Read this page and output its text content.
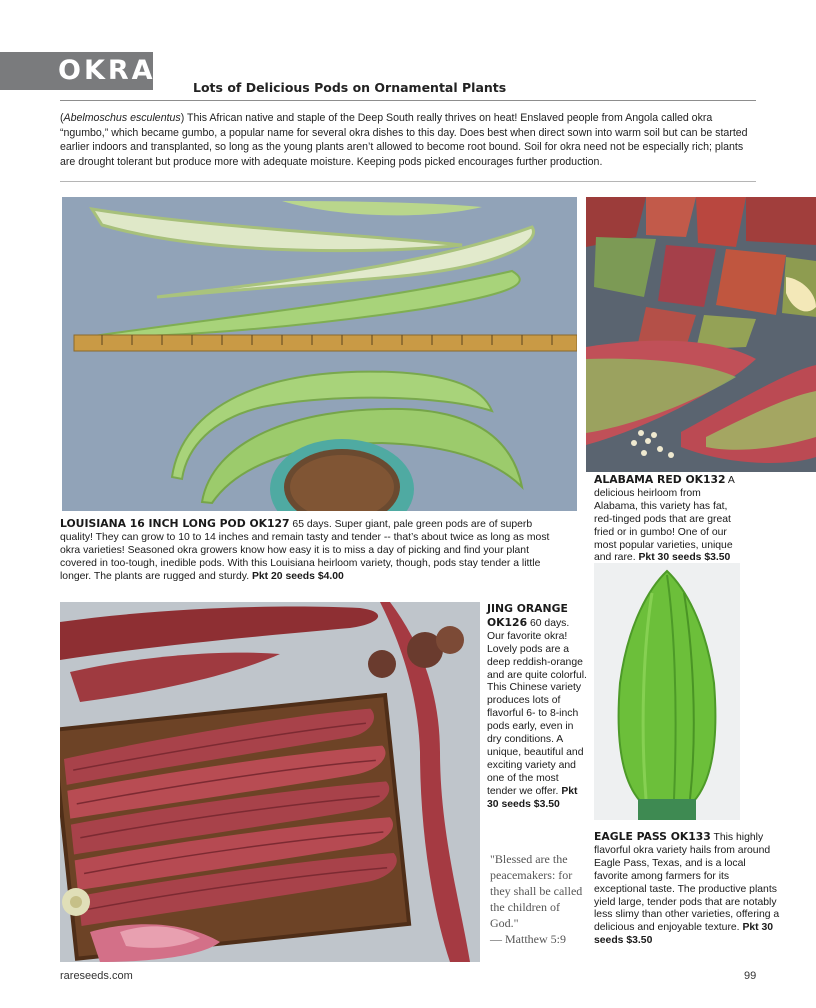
OKRA
Lots of Delicious Pods on Ornamental Plants

(Abelmoschus esculentus) This African native and staple of the Deep South really thrives on heat! Enslaved people from Angola called okra “ngumbo,” which became gumbo, a popular name for several okra dishes to this day. Does best when direct sown into warm soil but can be started earlier indoors and transplanted, so long as the young plants aren’t allowed to become root bound. Soil for okra need not be especially rich; plants are drought tolerant but produce more with adequate moisture. Keeping pods picked encourages further production.

LOUISIANA 16 INCH LONG POD OK127 65 days. Super giant, pale green pods are of superb quality! They can grow to 10 to 14 inches and remain tasty and tender -- that’s about twice as long as most okra varieties! Seasoned okra growers know how easy it is to miss a day of picking and find your plant covered in too-tough, inedible pods. With this Louisiana heirloom variety, though, pods stay tender a little longer. The plants are rugged and sturdy. Pkt 20 seeds $4.00

ALABAMA RED OK132 A delicious heirloom from Alabama, this variety has fat, red-tinged pods that are great fried or in gumbo! One of our most popular varieties, unique and rare. Pkt 30 seeds $3.50

JING ORANGE OK126 60 days. Our favorite okra! Lovely pods are a deep reddish-orange and are quite colorful. This Chinese variety produces lots of flavorful 6- to 8-inch pods early, even in dry conditions. A unique, beautiful and exciting variety and one of the most tender we offer. Pkt 30 seeds $3.50

"Blessed are the peacemakers: for they shall be called the children of God."
— Matthew 5:9

EAGLE PASS OK133 This highly flavorful okra variety hails from around Eagle Pass, Texas, and is a local favorite among farmers for its exceptional taste. The productive plants yield large, tender pods that are notably less slimy than other varieties, offering a delicious and enjoyable texture. Pkt 30 seeds $3.50

rareseeds.com	99
